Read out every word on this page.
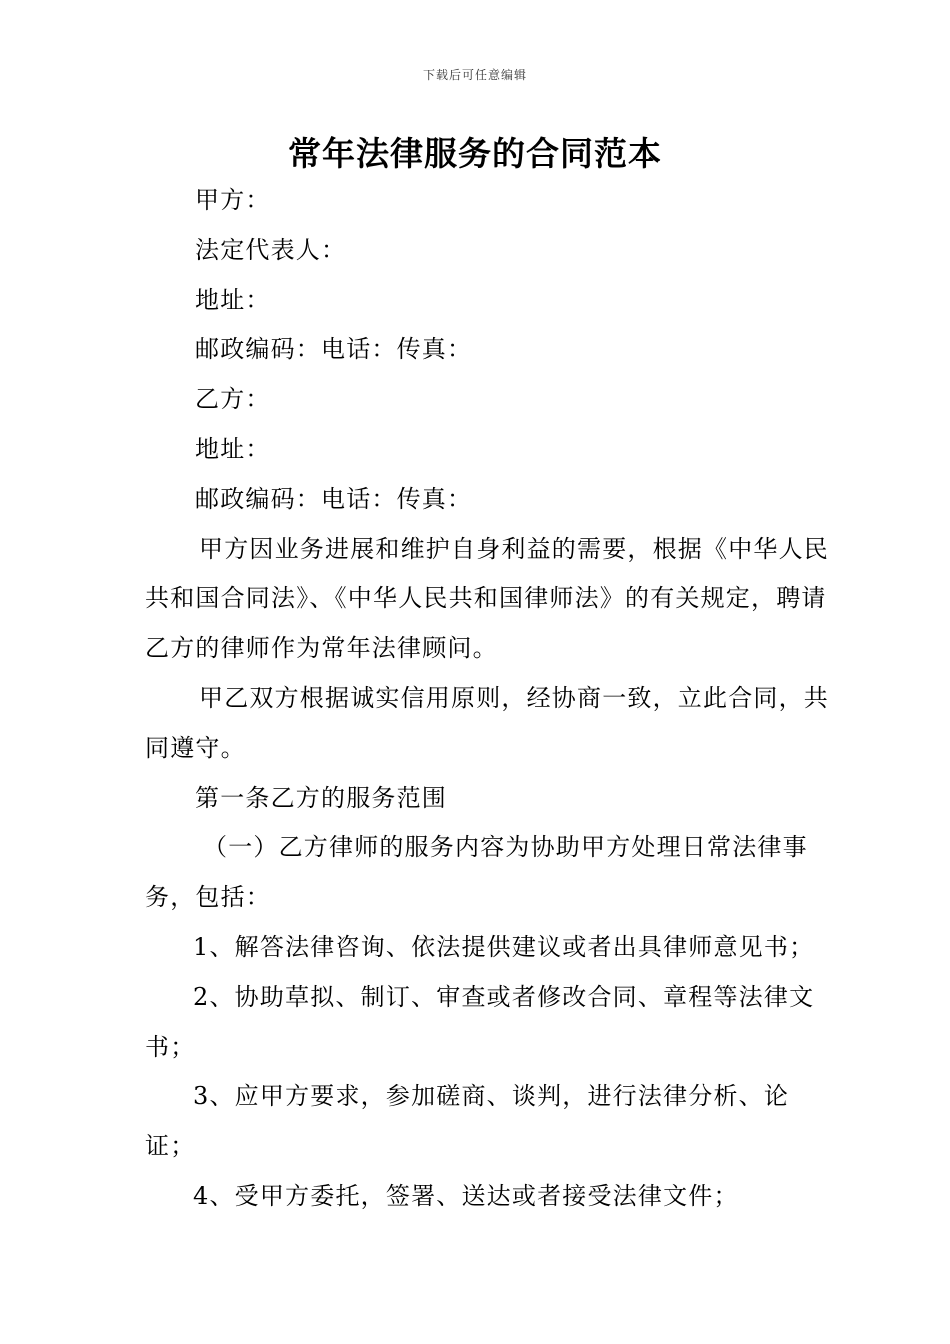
下载后可任意编辑
常年法律服务的合同范本

甲方：

法定代表人：

地址：

邮政编码：电话：传真：

乙方：

地址：

邮政编码：电话：传真：

甲方因业务进展和维护自身利益的需要，根据《中华人民共和国合同法》、《中华人民共和国律师法》的有关规定，聘请乙方的律师作为常年法律顾问。

甲乙双方根据诚实信用原则，经协商一致，立此合同，共同遵守。

第一条乙方的服务范围

（一）乙方律师的服务内容为协助甲方处理日常法律事务，包括：

1、解答法律咨询、依法提供建议或者出具律师意见书；

2、协助草拟、制订、审查或者修改合同、章程等法律文书；

3、应甲方要求，参加磋商、谈判，进行法律分析、论证；

4、受甲方委托，签署、送达或者接受法律文件；
